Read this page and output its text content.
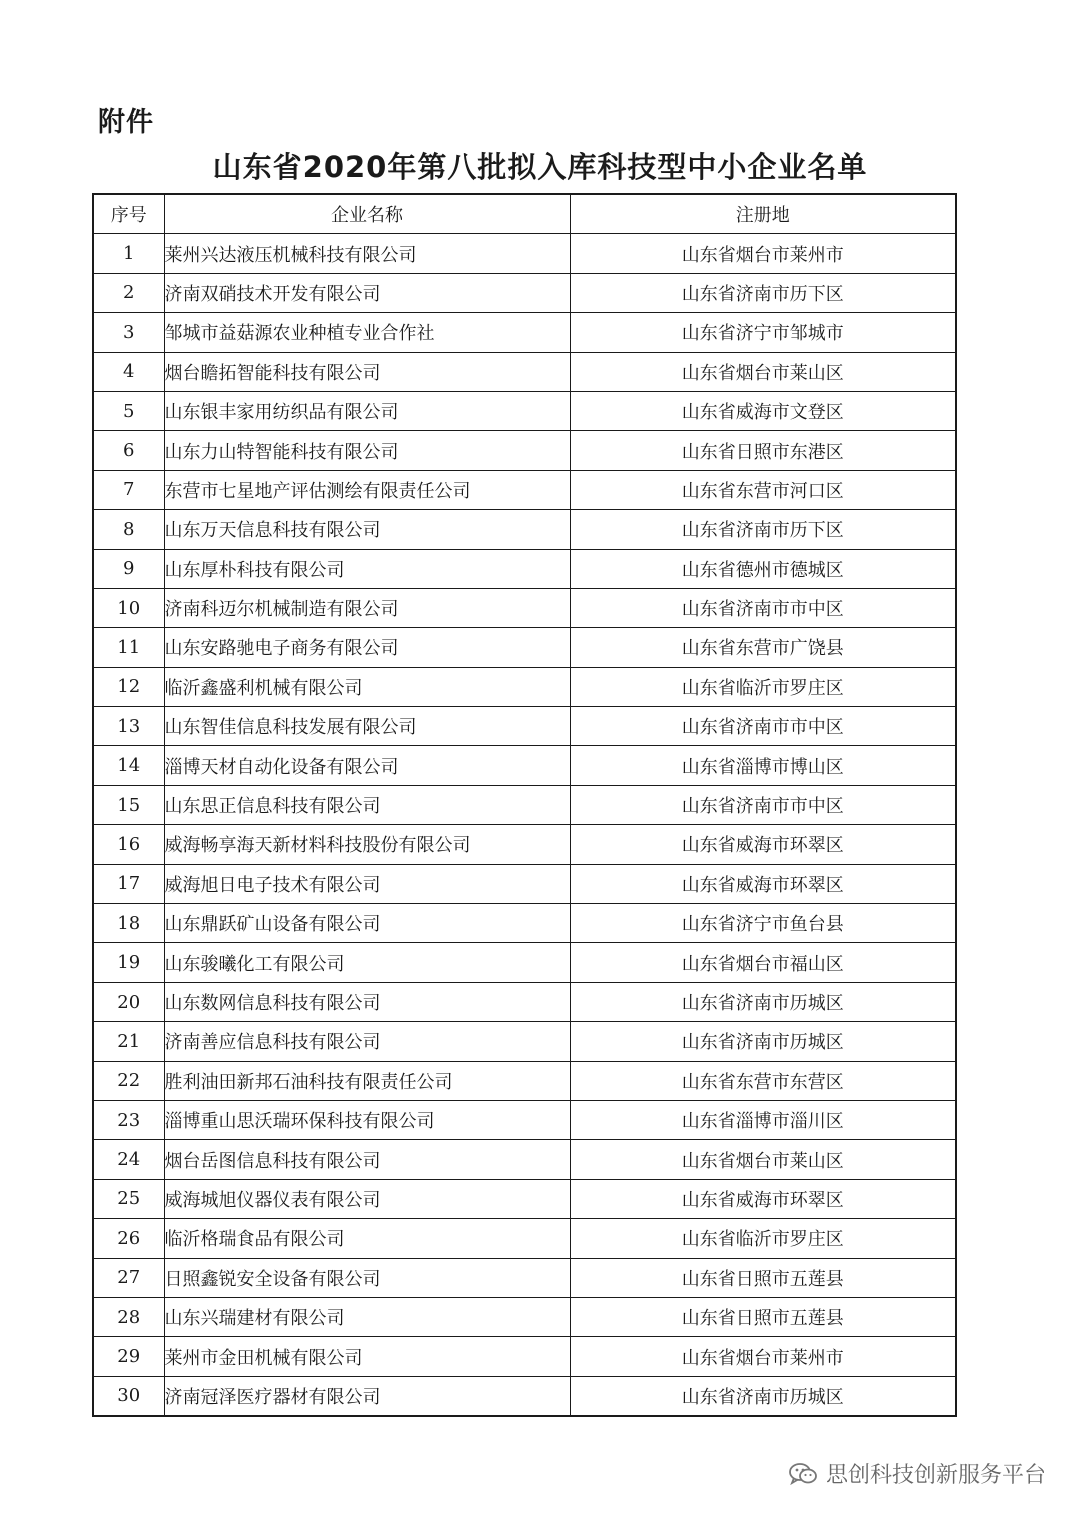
附件
山东省2020年第八批拟入库科技型中小企业名单
序号	企业名称	注册地
1	莱州兴达液压机械科技有限公司	山东省烟台市莱州市
2	济南双硝技术开发有限公司	山东省济南市历下区
3	邹城市益菇源农业种植专业合作社	山东省济宁市邹城市
4	烟台瞻拓智能科技有限公司	山东省烟台市莱山区
5	山东银丰家用纺织品有限公司	山东省威海市文登区
6	山东力山特智能科技有限公司	山东省日照市东港区
7	东营市七星地产评估测绘有限责任公司	山东省东营市河口区
8	山东万天信息科技有限公司	山东省济南市历下区
9	山东厚朴科技有限公司	山东省德州市德城区
10	济南科迈尔机械制造有限公司	山东省济南市市中区
11	山东安路驰电子商务有限公司	山东省东营市广饶县
12	临沂鑫盛利机械有限公司	山东省临沂市罗庄区
13	山东智佳信息科技发展有限公司	山东省济南市市中区
14	淄博天材自动化设备有限公司	山东省淄博市博山区
15	山东思正信息科技有限公司	山东省济南市市中区
16	威海畅享海天新材料科技股份有限公司	山东省威海市环翠区
17	威海旭日电子技术有限公司	山东省威海市环翠区
18	山东鼎跃矿山设备有限公司	山东省济宁市鱼台县
19	山东骏曦化工有限公司	山东省烟台市福山区
20	山东数网信息科技有限公司	山东省济南市历城区
21	济南善应信息科技有限公司	山东省济南市历城区
22	胜利油田新邦石油科技有限责任公司	山东省东营市东营区
23	淄博重山思沃瑞环保科技有限公司	山东省淄博市淄川区
24	烟台岳图信息科技有限公司	山东省烟台市莱山区
25	威海城旭仪器仪表有限公司	山东省威海市环翠区
26	临沂格瑞食品有限公司	山东省临沂市罗庄区
27	日照鑫锐安全设备有限公司	山东省日照市五莲县
28	山东兴瑞建材有限公司	山东省日照市五莲县
29	莱州市金田机械有限公司	山东省烟台市莱州市
30	济南冠泽医疗器材有限公司	山东省济南市历城区
思创科技创新服务平台
